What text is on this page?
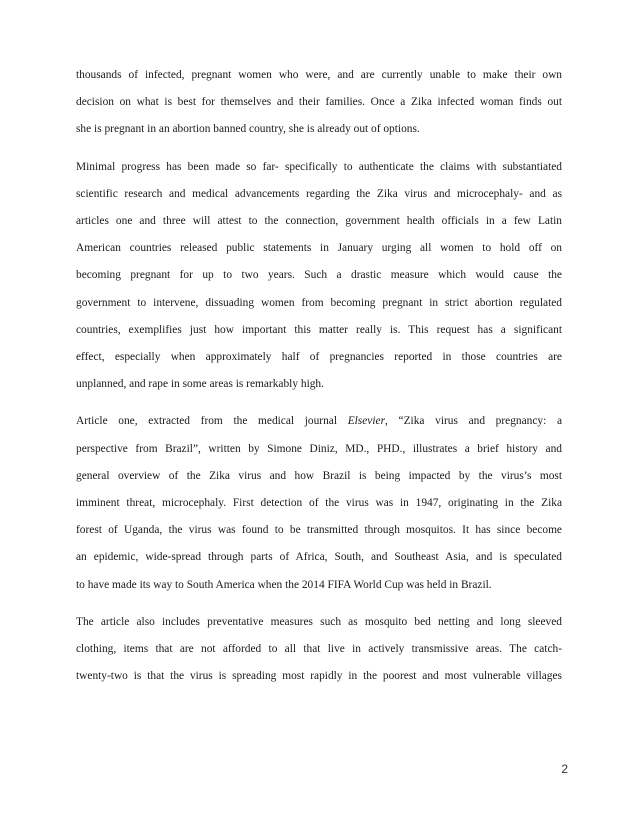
thousands of infected, pregnant women who were, and are currently unable to make their own
decision on what is best for themselves and their families. Once a Zika infected woman finds out
she is pregnant in an abortion banned country, she is already out of options.
Minimal progress has been made so far- specifically to authenticate the claims with substantiated
scientific research and medical advancements regarding the Zika virus and microcephaly- and as
articles one and three will attest to the connection, government health officials in a few Latin
American countries released public statements in January urging all women to hold off on
becoming pregnant for up to two years. Such a drastic measure which would cause the
government to intervene, dissuading women from becoming pregnant in strict abortion regulated
countries, exemplifies just how important this matter really is. This request has a significant
effect, especially when approximately half of pregnancies reported in those countries are
unplanned, and rape in some areas is remarkably high.
Article one, extracted from the medical journal Elsevier, “Zika virus and pregnancy: a
perspective from Brazil”, written by Simone Diniz, MD., PHD., illustrates a brief history and
general overview of the Zika virus and how Brazil is being impacted by the virus’s most
imminent threat, microcephaly. First detection of the virus was in 1947, originating in the Zika
forest of Uganda, the virus was found to be transmitted through mosquitos. It has since become
an epidemic, wide-spread through parts of Africa, South, and Southeast Asia, and is speculated
to have made its way to South America when the 2014 FIFA World Cup was held in Brazil.
The article also includes preventative measures such as mosquito bed netting and long sleeved
clothing, items that are not afforded to all that live in actively transmissive areas. The catch-
twenty-two is that the virus is spreading most rapidly in the poorest and most vulnerable villages
2
